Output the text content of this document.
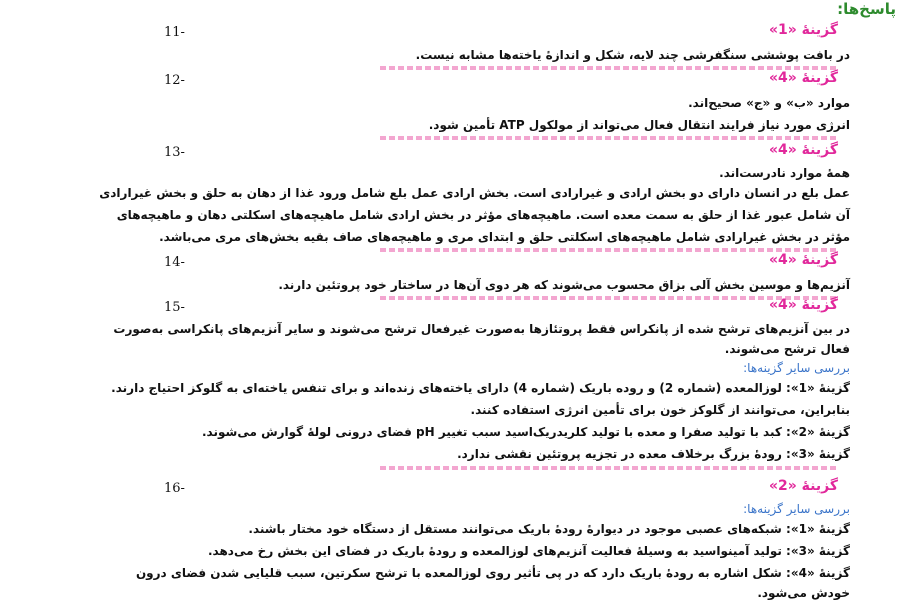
پاسخ‌ها:
11-	گزینهٔ «1»
در بافت پوششی سنگفرشی چند لایه، شکل و اندازهٔ یاخته‌ها مشابه نیست.
12-	گزینهٔ «4»
موارد «ب» و «ج» صحیح‌اند.
انرژی مورد نیاز فرایند انتقال فعال می‌تواند از مولکول ATP تأمین شود.
13-	گزینهٔ «4»
همهٔ موارد نادرست‌اند.
عمل بلع در انسان دارای دو بخش ارادی و غیرارادی است. بخش ارادی عمل بلع شامل ورود غذا از دهان به حلق و بخش غیرارادی
آن شامل عبور غذا از حلق به سمت معده است. ماهیچه‌های مؤثر در بخش ارادی شامل ماهیچه‌های اسکلتی دهان و ماهیچه‌های
مؤثر در بخش غیرارادی شامل ماهیچه‌های اسکلتی حلق و ابتدای مری و ماهیچه‌های صاف بقیه بخش‌های مری می‌باشد.
14-	گزینهٔ «4»
آنزیم‌ها و موسین بخش آلی بزاق محسوب می‌شوند که هر دوی آن‌ها در ساختار خود پروتئین دارند.
15-	گزینهٔ «4»
در بین آنزیم‌های ترشح شده از پانکراس فقط پروتئازها به‌صورت غیرفعال ترشح می‌شوند و سایر آنزیم‌های پانکراسی به‌صورت
فعال ترشح می‌شوند.
بررسی سایر گزینه‌ها:
گزینهٔ «1»: لوزالمعده (شماره 2) و روده باریک (شماره 4) دارای یاخته‌های زنده‌اند و برای تنفس یاخته‌ای به گلوکز احتیاج دارند.
بنابراین، می‌توانند از گلوکز خون برای تأمین انرژی استفاده کنند.
گزینهٔ «2»: کبد با تولید صفرا و معده با تولید کلریدریک‌اسید سبب تغییر pH فضای درونی لولهٔ گوارش می‌شوند.
گزینهٔ «3»: رودهٔ بزرگ برخلاف معده در تجزیه پروتئین نقشی ندارد.
16-	گزینهٔ «2»
بررسی سایر گزینه‌ها:
گزینهٔ «1»: شبکه‌های عصبی موجود در دیوارهٔ رودهٔ باریک می‌توانند مستقل از دستگاه خود مختار باشند.
گزینهٔ «3»: تولید آمینواسید به وسیلهٔ فعالیت آنزیم‌های لوزالمعده و رودهٔ باریک در فضای این بخش رخ می‌دهد.
گزینهٔ «4»: شکل اشاره به رودهٔ باریک دارد که در پی تأثیر روی لوزالمعده با ترشح سکرتین، سبب قلیایی شدن فضای درون
خودش می‌شود.
